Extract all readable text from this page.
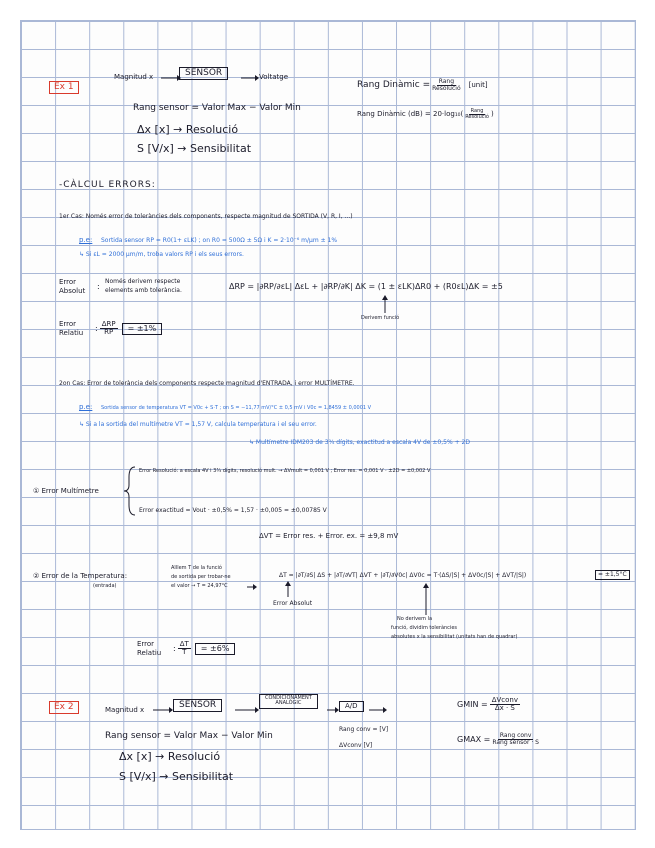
Ex 1
Magnitud x	SENSOR	Voltatge
Rang sensor = Valor Max − Valor Min
Δx [x] → Resolució
S [V/x] → Sensibilitat
Rang Dinàmic = $\frac{\text{Rang}}{\text{Resolució}}$ [unit]
Rang Dinàmic (dB) = 20·log₁₀ ( $\frac{\text{Rang}}{\text{Resolució}}$ )
-CÀLCUL ERRORS:
1er Cas: Només error de toleràncies dels components, respecte magnitud de SORTIDA (V, R, I, ...)
p.e: Sortida sensor RP = R0(1+ εLK) ; on R0 = 500Ω ± 5Ω i K = 2·10⁻⁶ m/μm ± 1%
↳ Si εL = 2000 μm/m, troba valors RP i els seus errors.
Error
Absolut :
Només derivem respecte
elements amb tolerància.	ΔRP = |∂RP/∂εL| ΔεL + |∂RP/∂K| ΔK = (1 ± εLK)ΔR0 + (R0εL)ΔK = ±5
Derivem funció
Error
Relatiu
: $\frac{\text{ΔRP}}{RP}$	= ±1%
2on Cas: Error de tolerància dels components respecte magnitud d'ENTRADA, i error MULTÍMETRE.
p.e: Sortida sensor de temperatura VT = V0c + S·T ; on S = −11,77 mV/°C ± 0,5 mV i V0c = 1,8459 ± 0,0001 V
↳ Si a la sortida del multímetre VT = 1,57 V, calcula temperatura i el seu error.
↳ Multímetre IDM203 de 3¾ dígits, exactitud a escala 4V de ±0,5% + 2D
① Error Multímetre
Error Resolució: a escala 4V i 3¾ dígits, resolució mult. → ΔVmult = 0,001 V ; Error res. = 0,001 V · ±2D = ±0,002 V
Error exactitud = Vout · ±0,5% = 1,57 · ±0,005 = ±0,00785 V
ΔVT = Error res. + Error. ex. = ±9,8 mV
② Error de la Temperatura:
(entrada)
Aïllem T de la funció
de sortida per trobar-ne
el valor → T = 24,97°C
ΔT = |∂T/∂S| ΔS + |∂T/∂VT| ΔVT + |∂T/∂V0c| ΔV0c = T·(ΔS/|S| + ΔV0c/|S| + ΔVT/|S|)	= ±1,5°C
Error Absolut
No derivem la
funció, dividim toleràncies
absolutes x la sensibilitat (unitats han de quadrar)
Error
Relatiu
: $\frac{\Delta T}{T}$	= ±6%
Ex 2	Magnitud x	SENSOR
CONDICIONAMENT
ANALÒGIC	A/D
Rang sensor = Valor Max − Valor Min
Δx [x] → Resolució
S [V/x] → Sensibilitat
Rang conv = [V]
ΔVconv [V]
GMIN = $\frac{\text{ΔVconv}}{\Delta x \cdot S}$
GMAX = $\frac{\text{Rang conv}}{\text{Rang sensor · S}}$
